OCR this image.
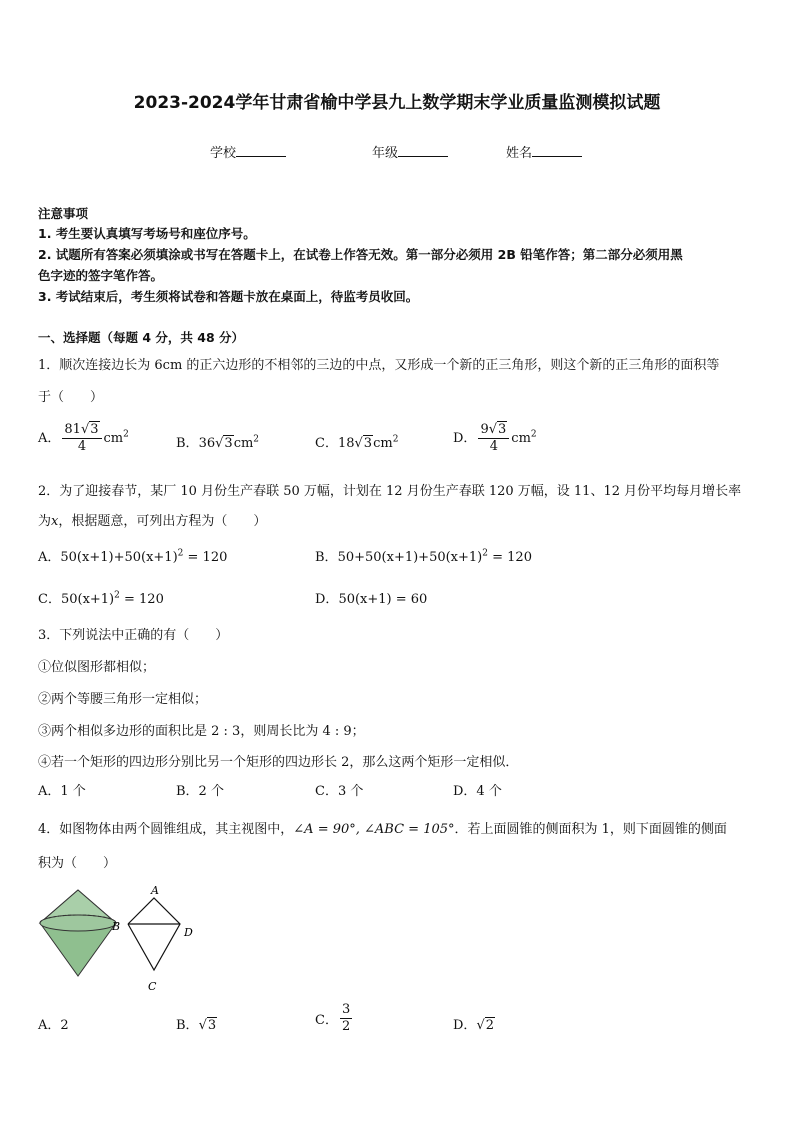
2023-2024学年甘肃省榆中学县九上数学期末学业质量监测模拟试题
学校	年级	姓名
注意事项
1. 考生要认真填写考场号和座位序号。
2. 试题所有答案必须填涂或书写在答题卡上，在试卷上作答无效。第一部分必须用 2B 铅笔作答；第二部分必须用黑
色字迹的签字笔作答。
3. 考试结束后，考生须将试卷和答题卡放在桌面上，待监考员收回。
一、选择题（每题 4 分，共 48 分）
1．顺次连接边长为 6cm 的正六边形的不相邻的三边的中点，又形成一个新的正三角形，则这个新的正三角形的面积等
于（　　）
A． $\frac{81√3}{4} cm^2$
B．$36√3cm^2$	C．$18√3cm^2$	D． $\frac{9√3}{4} cm^2$
2．为了迎接春节，某厂 10 月份生产春联 50 万幅，计划在 12 月份生产春联 120 万幅，设 11、12 月份平均每月增长率
为x，根据题意，可列出方程为（　　）
A．$50(x+1)+50(x+1)^2 = 120$	B．$50+50(x+1)+50(x+1)^2 = 120$
C．$50(x+1)^2 = 120$	D．50(x+1) = 60
3．下列说法中正确的有（　　）
①位似图形都相似；
②两个等腰三角形一定相似；
③两个相似多边形的面积比是 2 : 3，则周长比为 4 : 9；
④若一个矩形的四边形分别比另一个矩形的四边形长 2，那么这两个矩形一定相似．
A．1 个	B．2 个	C．3 个	D．4 个
4．如图物体由两个圆锥组成，其主视图中，∠A = 90°, ∠ABC = 105°．若上面圆锥的侧面积为 1，则下面圆锥的侧面
积为（　　）
A
B	D
C
A．2	B．√3	C． $\frac{3}{2}$	D．√2
